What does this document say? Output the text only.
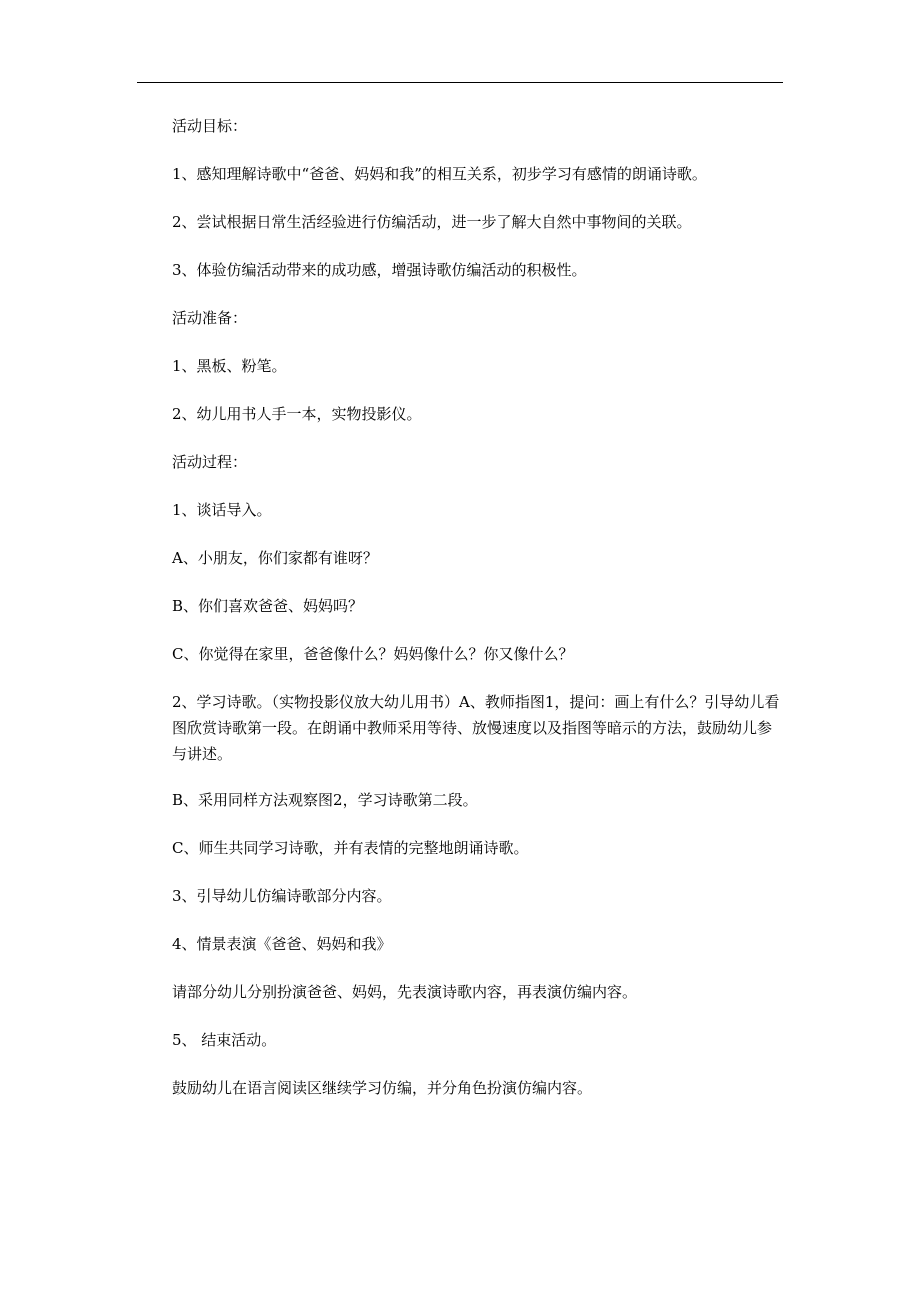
活动目标：
1、感知理解诗歌中“爸爸、妈妈和我”的相互关系，初步学习有感情的朗诵诗歌。
2、尝试根据日常生活经验进行仿编活动，进一步了解大自然中事物间的关联。
3、体验仿编活动带来的成功感，增强诗歌仿编活动的积极性。
活动准备：
1、黑板、粉笔。
2、幼儿用书人手一本，实物投影仪。
活动过程：
1、谈话导入。
A、小朋友，你们家都有谁呀？
B、你们喜欢爸爸、妈妈吗？
C、你觉得在家里，爸爸像什么？妈妈像什么？你又像什么？
2、学习诗歌。（实物投影仪放大幼儿用书）A、教师指图1，提问：画上有什么？引导幼儿看图欣赏诗歌第一段。在朗诵中教师采用等待、放慢速度以及指图等暗示的方法，鼓励幼儿参与讲述。
B、采用同样方法观察图2，学习诗歌第二段。
C、师生共同学习诗歌，并有表情的完整地朗诵诗歌。
3、引导幼儿仿编诗歌部分内容。
4、情景表演《爸爸、妈妈和我》
请部分幼儿分别扮演爸爸、妈妈，先表演诗歌内容，再表演仿编内容。
5、 结束活动。
鼓励幼儿在语言阅读区继续学习仿编，并分角色扮演仿编内容。
